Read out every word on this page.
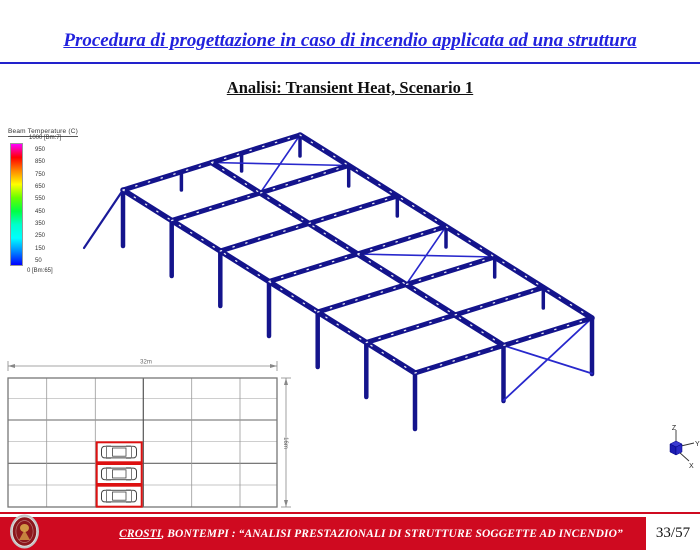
Procedura di progettazione in caso di incendio applicata ad una struttura
Analisi: Transient Heat, Scenario 1
Beam Temperature (C)
1000 [Bm:7]
950
850
750
650
550
450
350
250
150
50
0 [Bm:65]
Z
Y
X
32m
16m
CROSTI, BONTEMPI : “ANALISI PRESTAZIONALI DI STRUTTURE SOGGETTE AD INCENDIO”	33/57
